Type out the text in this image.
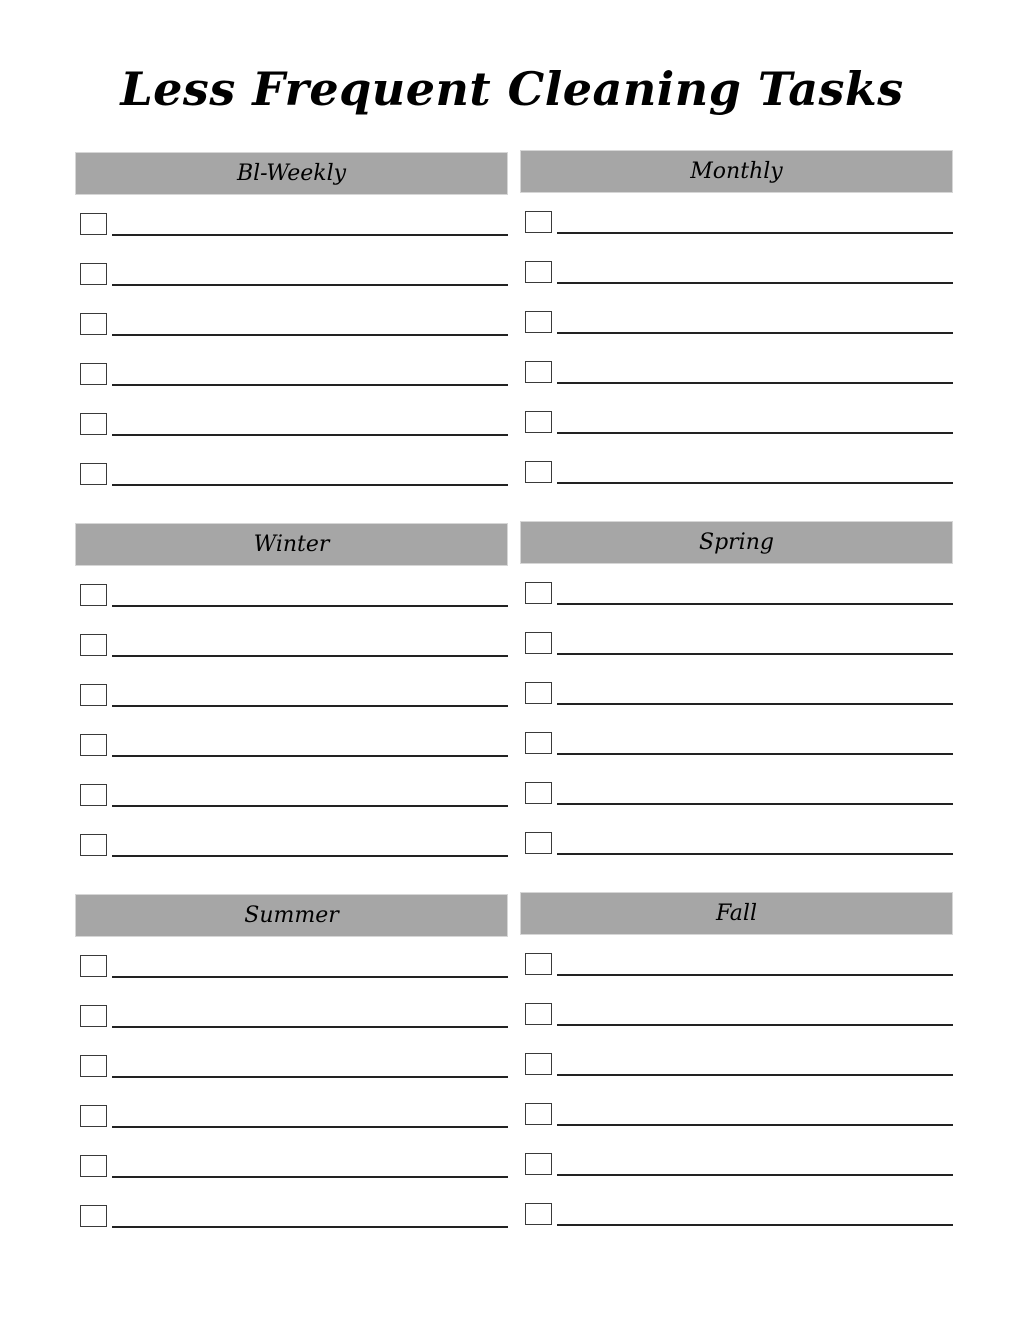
Less Frequent Cleaning Tasks
Bl-Weekly	Monthly
Winter	Spring
Summer	Fall
